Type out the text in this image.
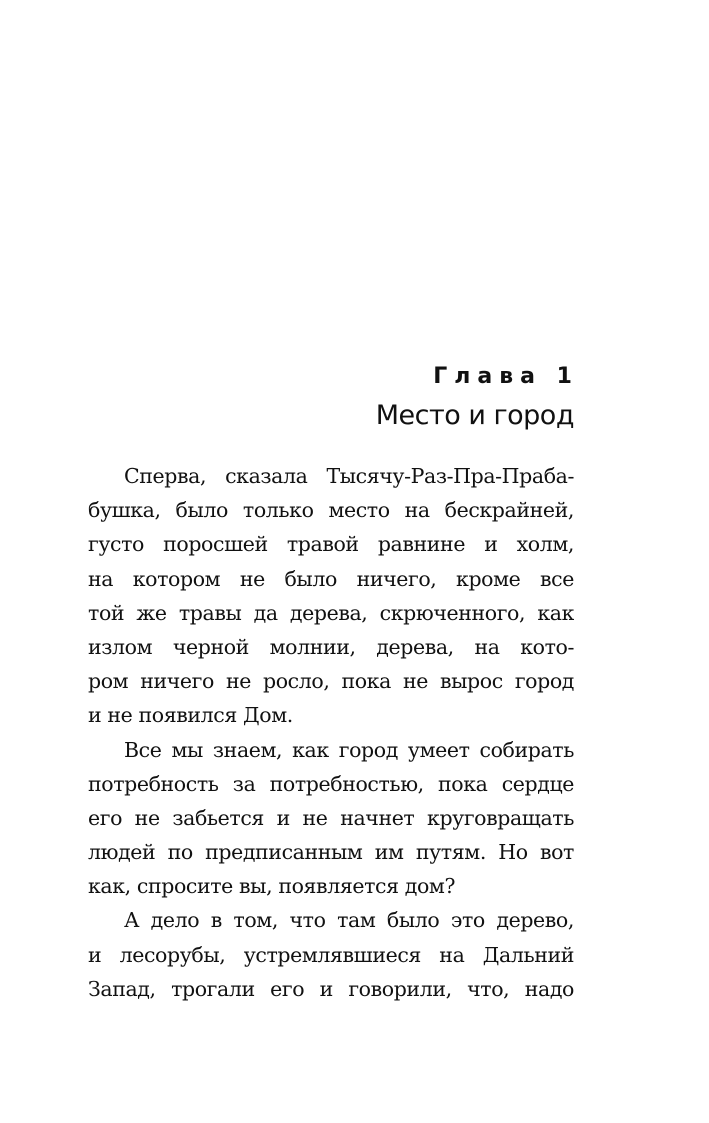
Глава 1
Место и город

Сперва, сказала Тысячу-Раз-Пра-Праба-
бушка, было только место на бескрайней,
густо поросшей травой равнине и холм,
на котором не было ничего, кроме все
той же травы да дерева, скрюченного, как
излом черной молнии, дерева, на кото-
ром ничего не росло, пока не вырос город
и не появился Дом.

Все мы знаем, как город умеет собирать
потребность за потребностью, пока сердце
его не забьется и не начнет круговращать
людей по предписанным им путям. Но вот
как, спросите вы, появляется дом?

А дело в том, что там было это дерево,
и лесорубы, устремлявшиеся на Дальний
Запад, трогали его и говорили, что, надо
